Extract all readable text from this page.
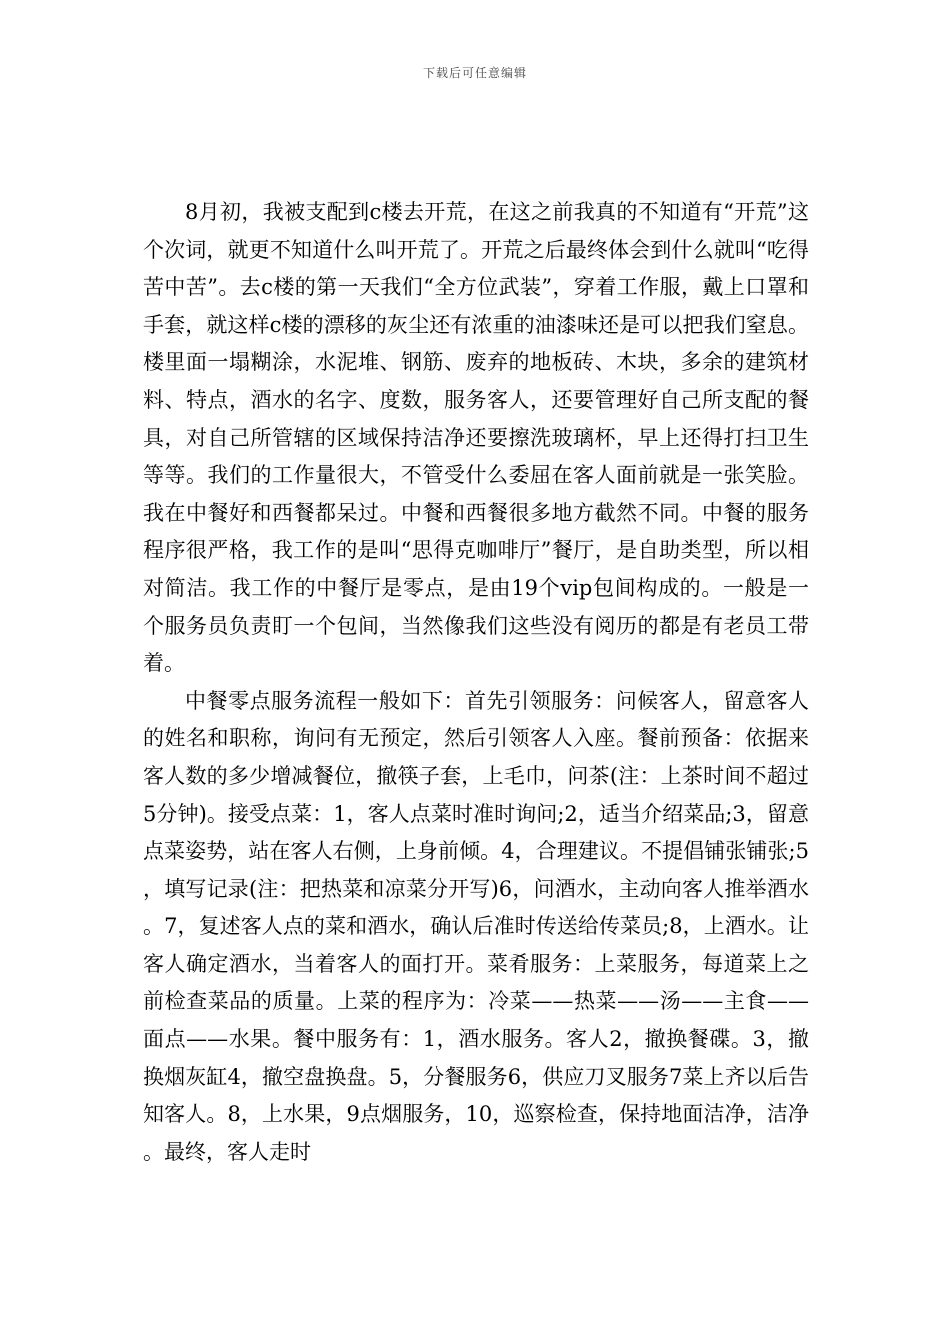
下载后可任意编辑

8月初，我被支配到c楼去开荒，在这之前我真的不知道有“开荒”这个次词，就更不知道什么叫开荒了。开荒之后最终体会到什么就叫“吃得苦中苦”。去c楼的第一天我们“全方位武装”，穿着工作服，戴上口罩和手套，就这样c楼的漂移的灰尘还有浓重的油漆味还是可以把我们窒息。楼里面一塌糊涂，水泥堆、钢筋、废弃的地板砖、木块，多余的建筑材料、特点，酒水的名字、度数，服务客人，还要管理好自己所支配的餐具，对自己所管辖的区域保持洁净还要擦洗玻璃杯，早上还得打扫卫生等等。我们的工作量很大，不管受什么委屈在客人面前就是一张笑脸。我在中餐好和西餐都呆过。中餐和西餐很多地方截然不同。中餐的服务程序很严格，我工作的是叫“思得克咖啡厅”餐厅，是自助类型，所以相对简洁。我工作的中餐厅是零点，是由19个vip包间构成的。一般是一个服务员负责盯一个包间，当然像我们这些没有阅历的都是有老员工带着。

中餐零点服务流程一般如下：首先引领服务：问候客人，留意客人的姓名和职称，询问有无预定，然后引领客人入座。餐前预备：依据来客人数的多少增减餐位，撤筷子套，上毛巾，问茶(注：上茶时间不超过5分钟)。接受点菜：1，客人点菜时准时询问;2，适当介绍菜品;3，留意点菜姿势，站在客人右侧，上身前倾。4，合理建议。不提倡铺张铺张;5，填写记录(注：把热菜和凉菜分开写)6，问酒水，主动向客人推举酒水。7，复述客人点的菜和酒水，确认后准时传送给传菜员;8，上酒水。让客人确定酒水，当着客人的面打开。菜肴服务：上菜服务，每道菜上之前检查菜品的质量。上菜的程序为：冷菜——热菜——汤——主食——面点——水果。餐中服务有：1，酒水服务。客人2，撤换餐碟。3，撤换烟灰缸4，撤空盘换盘。5，分餐服务6，供应刀叉服务7菜上齐以后告知客人。8，上水果，9点烟服务，10，巡察检查，保持地面洁净，洁净。最终，客人走时
